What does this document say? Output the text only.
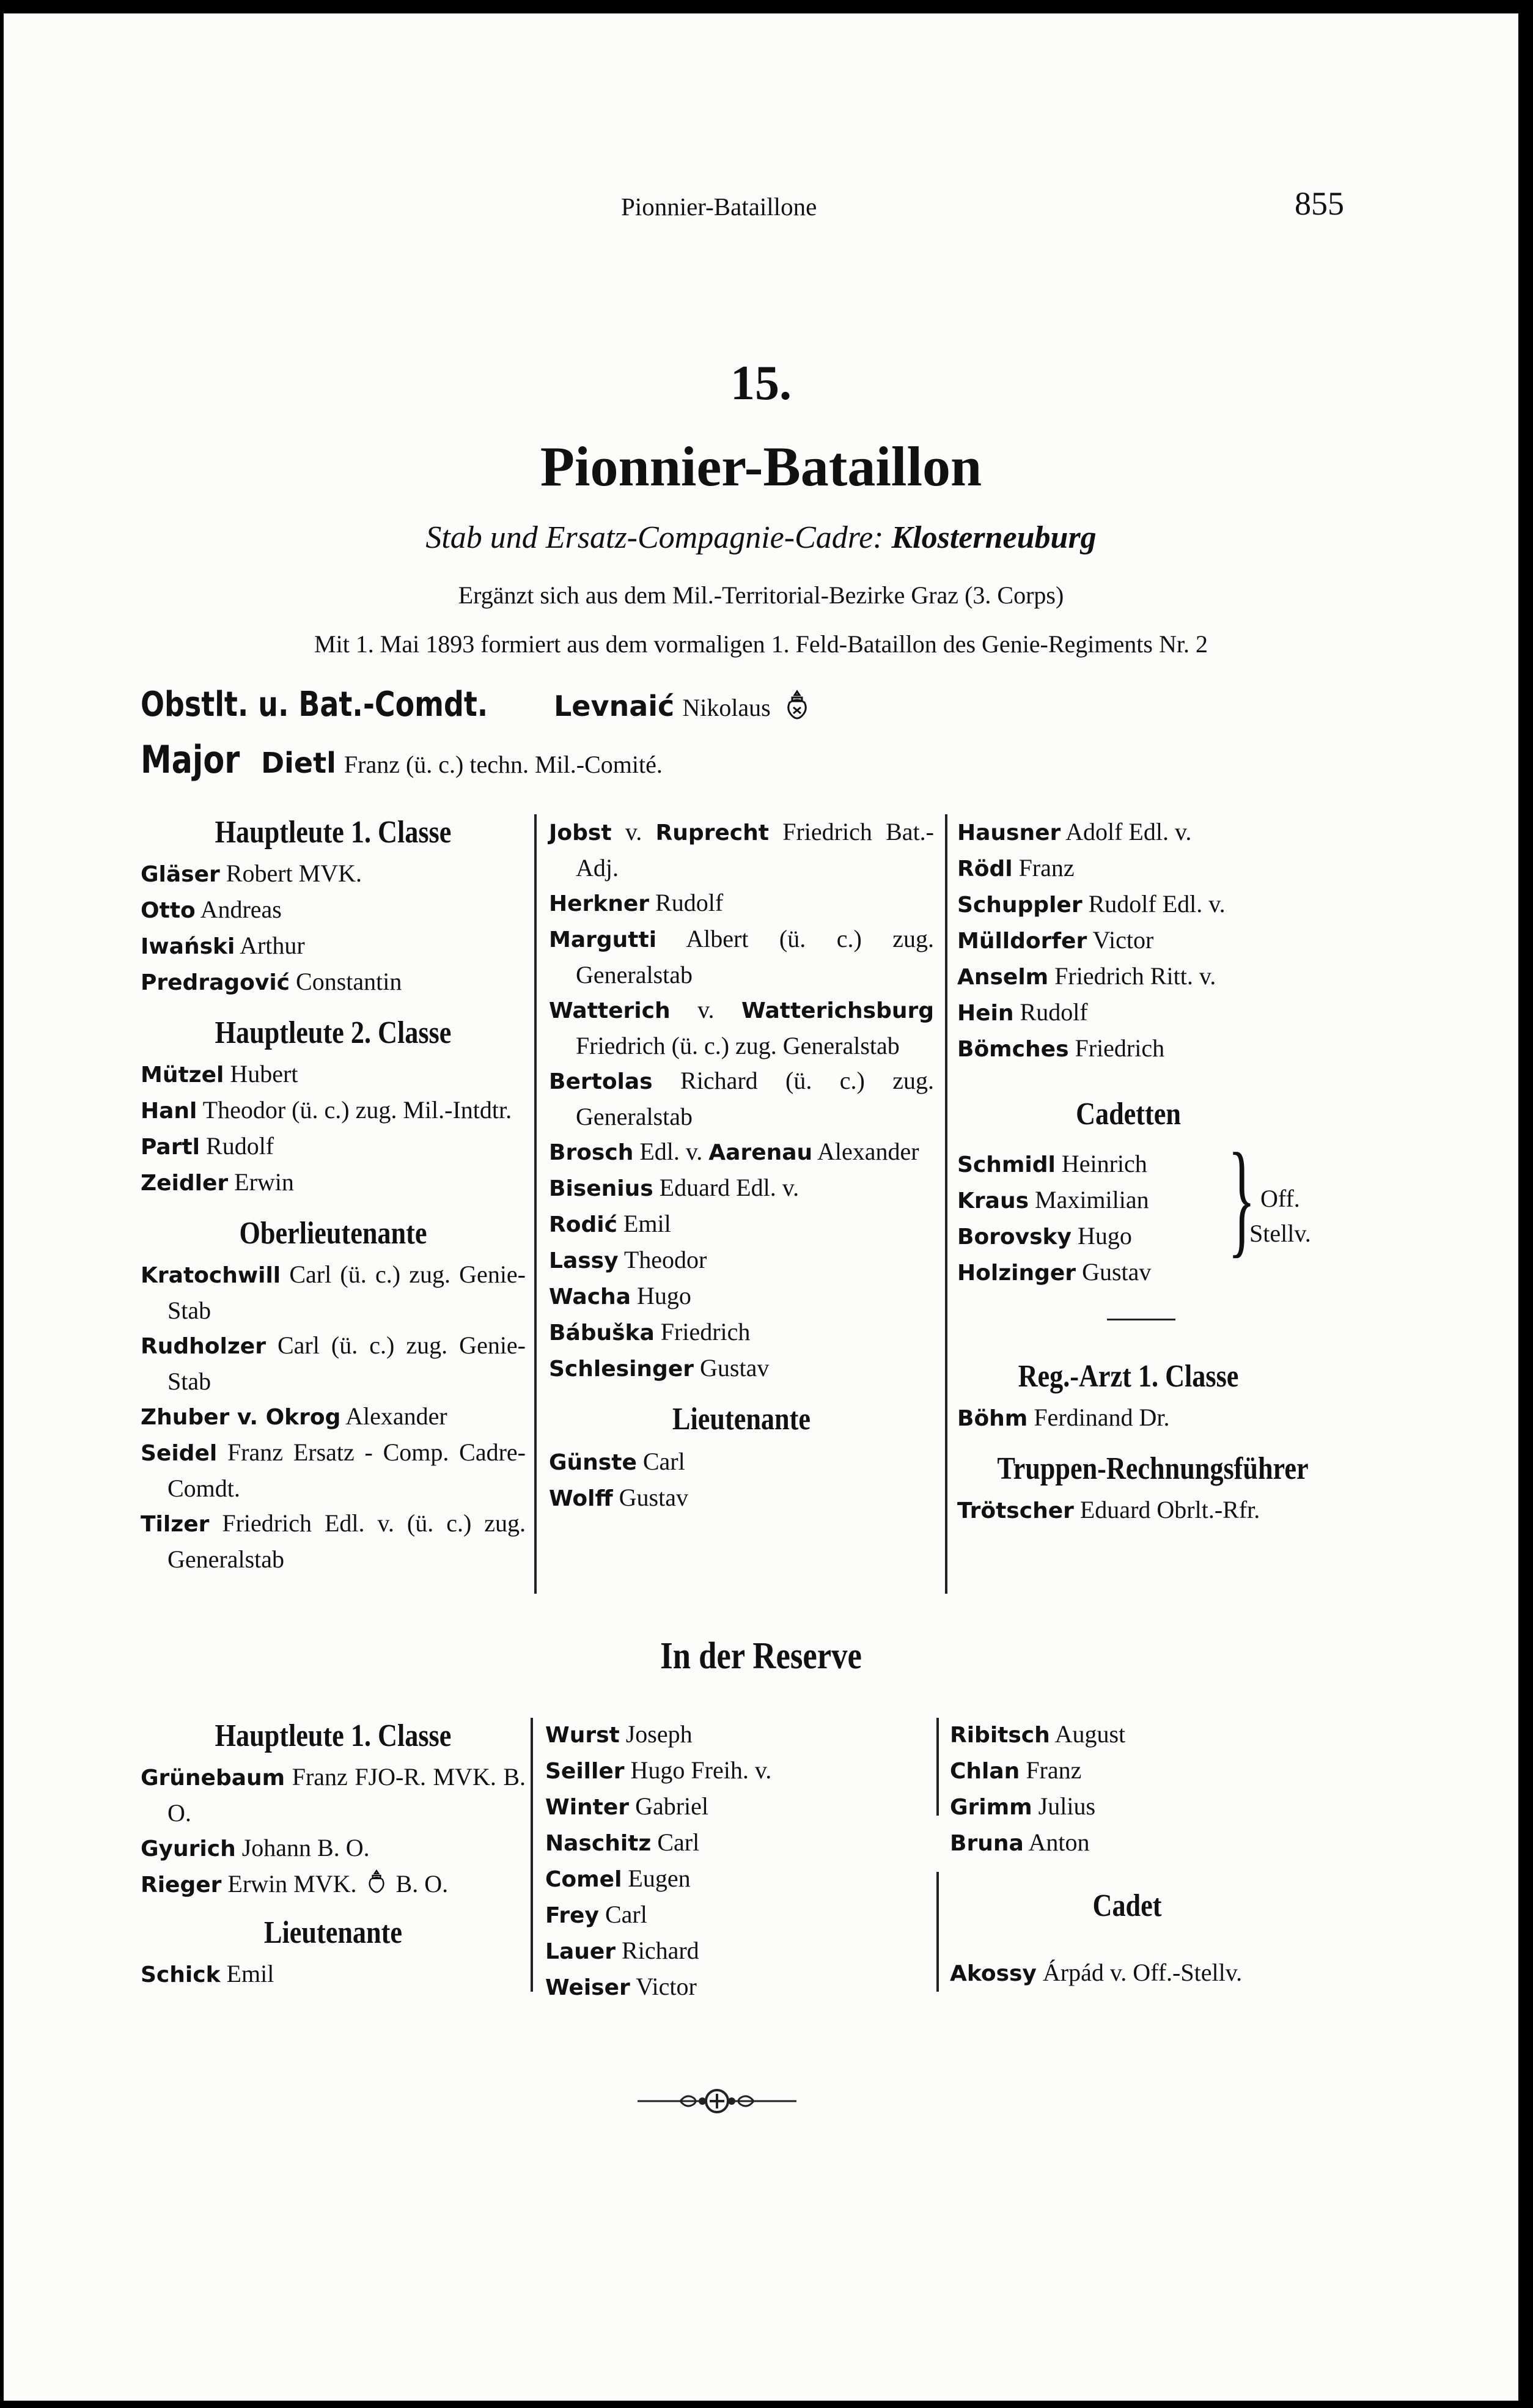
Pionnier-Bataillone	855
15.
Pionnier-Bataillon
Stab und Ersatz-Compagnie-Cadre: Klosterneuburg
Ergänzt sich aus dem Mil.-Territorial-Bezirke Graz (3. Corps)
Mit 1. Mai 1893 formiert aus dem vormaligen 1. Feld-Bataillon des Genie-Regiments Nr. 2
Obstlt. u. Bat.-Comdt. Levnaić Nikolaus
Major Dietl Franz (ü. c.) techn. Mil.-Comité.
Hauptleute 1. Classe
Gläser Robert MVK.
Otto Andreas
Iwański Arthur
Predragović Constantin
Hauptleute 2. Classe
Mützel Hubert
Hanl Theodor (ü. c.) zug. Mil.-Intdtr.
Partl Rudolf
Zeidler Erwin
Oberlieutenante
Kratochwill Carl (ü. c.) zug. Genie-Stab
Rudholzer Carl (ü. c.) zug. Genie-Stab
Zhuber v. Okrog Alexander
Seidel Franz Ersatz - Comp. Cadre-Comdt.
Tilzer Friedrich Edl. v. (ü. c.) zug. Generalstab
Jobst v. Ruprecht Friedrich Bat.-Adj.
Herkner Rudolf
Margutti Albert (ü. c.) zug. Generalstab
Watterich v. Watterichsburg Friedrich (ü. c.) zug. Generalstab
Bertolas Richard (ü. c.) zug. Generalstab
Brosch Edl. v. Aarenau Alexander
Bisenius Eduard Edl. v.
Rodić Emil
Lassy Theodor
Wacha Hugo
Bábuška Friedrich
Schlesinger Gustav
Lieutenante
Günste Carl
Wolff Gustav
Hausner Adolf Edl. v.
Rödl Franz
Schuppler Rudolf Edl. v.
Mülldorfer Victor
Anselm Friedrich Ritt. v.
Hein Rudolf
Bömches Friedrich
Cadetten
Schmidl Heinrich
Kraus Maximilian
Borovsky Hugo
Holzinger Gustav
} Off.
Stellv.
Reg.-Arzt 1. Classe
Böhm Ferdinand Dr.
Truppen-Rechnungsführer
Trötscher Eduard Obrlt.-Rfr.
In der Reserve
Hauptleute 1. Classe
Grünebaum Franz FJO-R. MVK. B. O.
Gyurich Johann B. O.
Rieger Erwin MVK. B. O.
Lieutenante
Schick Emil
Wurst Joseph
Seiller Hugo Freih. v.
Winter Gabriel
Naschitz Carl
Comel Eugen
Frey Carl
Lauer Richard
Weiser Victor
Ribitsch August
Chlan Franz
Grimm Julius
Bruna Anton
Cadet
Akossy Árpád v. Off.-Stellv.
